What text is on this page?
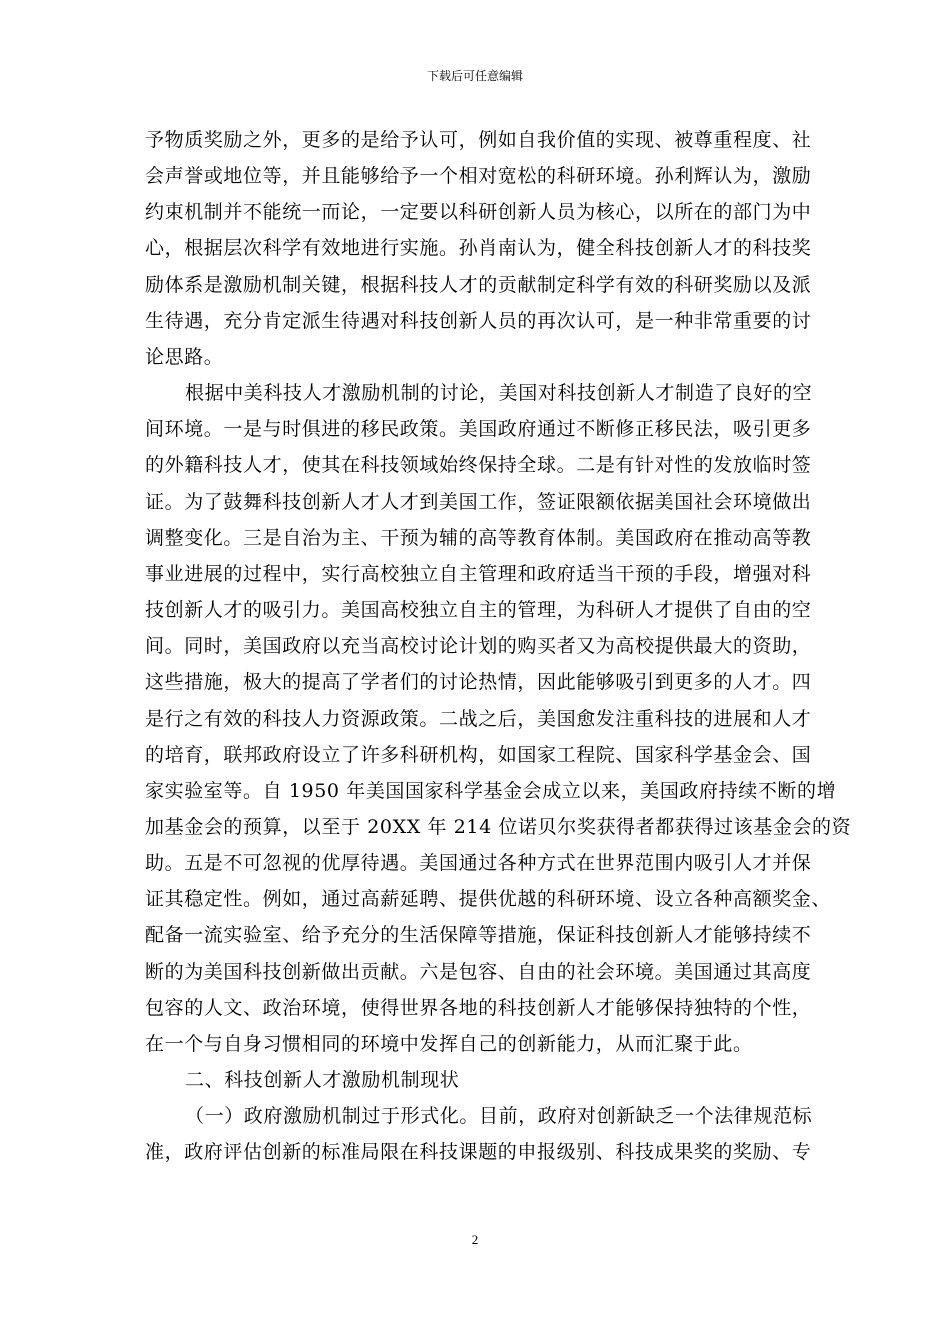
下载后可任意编辑
予物质奖励之外，更多的是给予认可，例如自我价值的实现、被尊重程度、社
会声誉或地位等，并且能够给予一个相对宽松的科研环境。孙利辉认为，激励
约束机制并不能统一而论，一定要以科研创新人员为核心，以所在的部门为中
心，根据层次科学有效地进行实施。孙肖南认为，健全科技创新人才的科技奖
励体系是激励机制关键，根据科技人才的贡献制定科学有效的科研奖励以及派
生待遇，充分肯定派生待遇对科技创新人员的再次认可，是一种非常重要的讨
论思路。
根据中美科技人才激励机制的讨论，美国对科技创新人才制造了良好的空
间环境。一是与时俱进的移民政策。美国政府通过不断修正移民法，吸引更多
的外籍科技人才，使其在科技领域始终保持全球。二是有针对性的发放临时签
证。为了鼓舞科技创新人才人才到美国工作，签证限额依据美国社会环境做出
调整变化。三是自治为主、干预为辅的高等教育体制。美国政府在推动高等教
事业进展的过程中，实行高校独立自主管理和政府适当干预的手段，增强对科
技创新人才的吸引力。美国高校独立自主的管理，为科研人才提供了自由的空
间。同时，美国政府以充当高校讨论计划的购买者又为高校提供最大的资助，
这些措施，极大的提高了学者们的讨论热情，因此能够吸引到更多的人才。四
是行之有效的科技人力资源政策。二战之后，美国愈发注重科技的进展和人才
的培育，联邦政府设立了许多科研机构，如国家工程院、国家科学基金会、国
家实验室等。自 1950 年美国国家科学基金会成立以来，美国政府持续不断的增
加基金会的预算，以至于 20XX 年 214 位诺贝尔奖获得者都获得过该基金会的资
助。五是不可忽视的优厚待遇。美国通过各种方式在世界范围内吸引人才并保
证其稳定性。例如，通过高薪延聘、提供优越的科研环境、设立各种高额奖金、
配备一流实验室、给予充分的生活保障等措施，保证科技创新人才能够持续不
断的为美国科技创新做出贡献。六是包容、自由的社会环境。美国通过其高度
包容的人文、政治环境，使得世界各地的科技创新人才能够保持独特的个性，
在一个与自身习惯相同的环境中发挥自己的创新能力，从而汇聚于此。
二、科技创新人才激励机制现状
（一）政府激励机制过于形式化。目前，政府对创新缺乏一个法律规范标
准，政府评估创新的标准局限在科技课题的申报级别、科技成果奖的奖励、专
2
